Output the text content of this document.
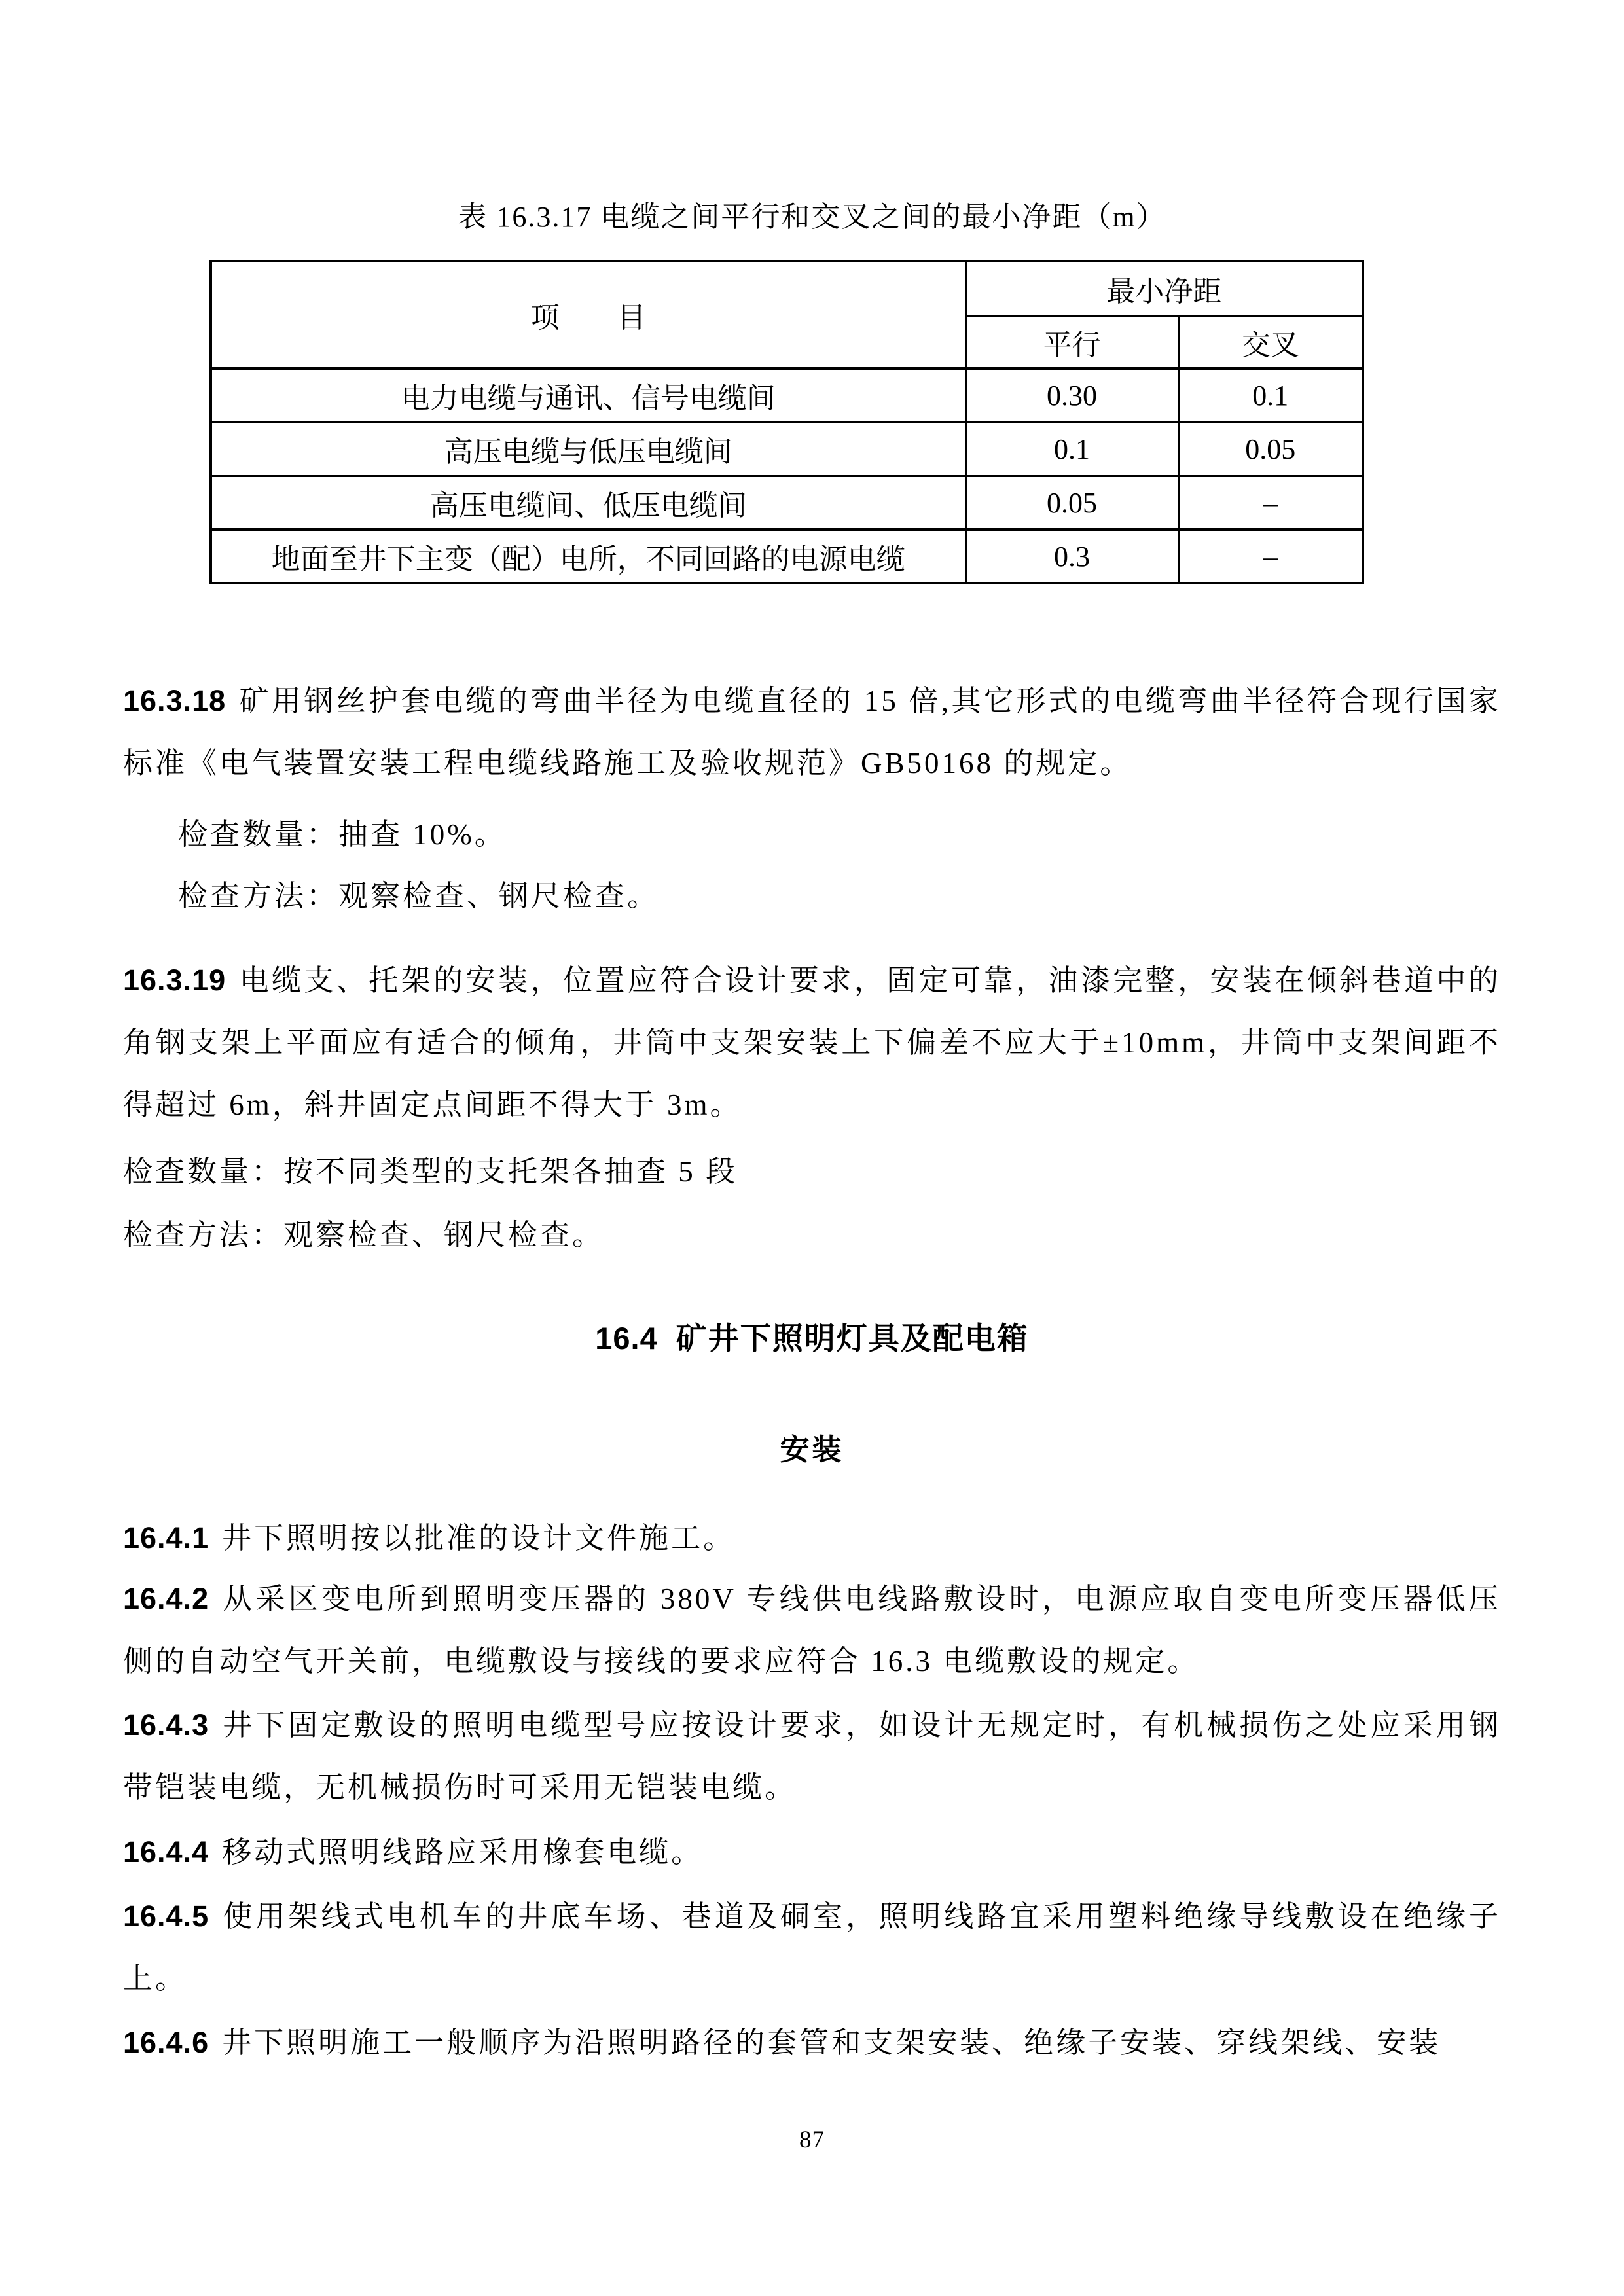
表 16.3.17 电缆之间平行和交叉之间的最小净距（m）
项　　目	最小净距	
	平行	交叉
电力电缆与通讯、信号电缆间	0.30	0.1
高压电缆与低压电缆间	0.1	0.05
高压电缆间、低压电缆间	0.05	–
地面至井下主变（配）电所，不同回路的电源电缆	0.3	–
16.3.18 矿用钢丝护套电缆的弯曲半径为电缆直径的 15 倍,其它形式的电缆弯曲半径符合现行国家标准《电气装置安装工程电缆线路施工及验收规范》GB50168 的规定。
检查数量：抽查 10%。
检查方法：观察检查、钢尺检查。
16.3.19 电缆支、托架的安装，位置应符合设计要求，固定可靠，油漆完整，安装在倾斜巷道中的角钢支架上平面应有适合的倾角，井筒中支架安装上下偏差不应大于±10mm，井筒中支架间距不得超过 6m，斜井固定点间距不得大于 3m。
检查数量：按不同类型的支托架各抽查 5 段
检查方法：观察检查、钢尺检查。
16.4 矿井下照明灯具及配电箱
安装
16.4.1 井下照明按以批准的设计文件施工。
16.4.2 从采区变电所到照明变压器的 380V 专线供电线路敷设时，电源应取自变电所变压器低压侧的自动空气开关前，电缆敷设与接线的要求应符合 16.3 电缆敷设的规定。
16.4.3 井下固定敷设的照明电缆型号应按设计要求，如设计无规定时，有机械损伤之处应采用钢带铠装电缆，无机械损伤时可采用无铠装电缆。
16.4.4 移动式照明线路应采用橡套电缆。
16.4.5 使用架线式电机车的井底车场、巷道及硐室，照明线路宜采用塑料绝缘导线敷设在绝缘子上。
16.4.6 井下照明施工一般顺序为沿照明路径的套管和支架安装、绝缘子安装、穿线架线、安装
87
